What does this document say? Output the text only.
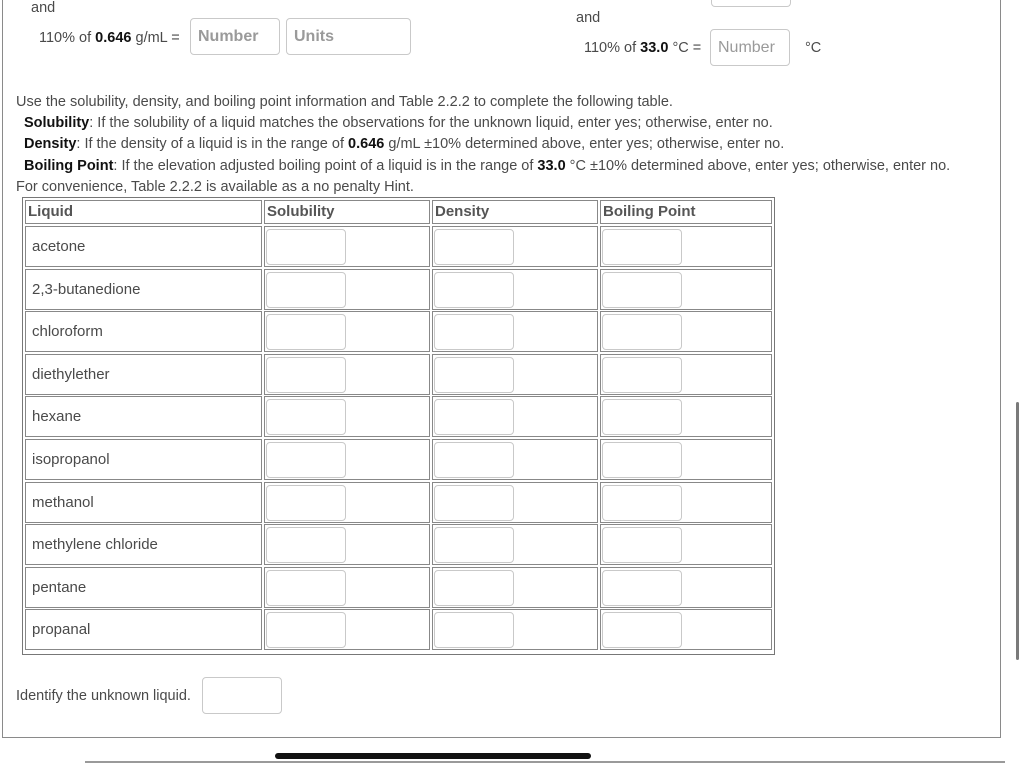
and
110% of 0.646 g/mL =	Number	Units
and
110% of 33.0 °C =	Number	°C
Use the solubility, density, and boiling point information and Table 2.2.2 to complete the following table.
Solubility: If the solubility of a liquid matches the observations for the unknown liquid, enter yes; otherwise, enter no.
Density: If the density of a liquid is in the range of 0.646 g/mL ±10% determined above, enter yes; otherwise, enter no.
Boiling Point: If the elevation adjusted boiling point of a liquid is in the range of 33.0 °C ±10% determined above, enter yes; otherwise, enter no.
For convenience, Table 2.2.2 is available as a no penalty Hint.
Liquid	Solubility	Density	Boiling Point
acetone
2,3-butanedione
chloroform
diethylether
hexane
isopropanol
methanol
methylene chloride
pentane
propanal
Identify the unknown liquid.
